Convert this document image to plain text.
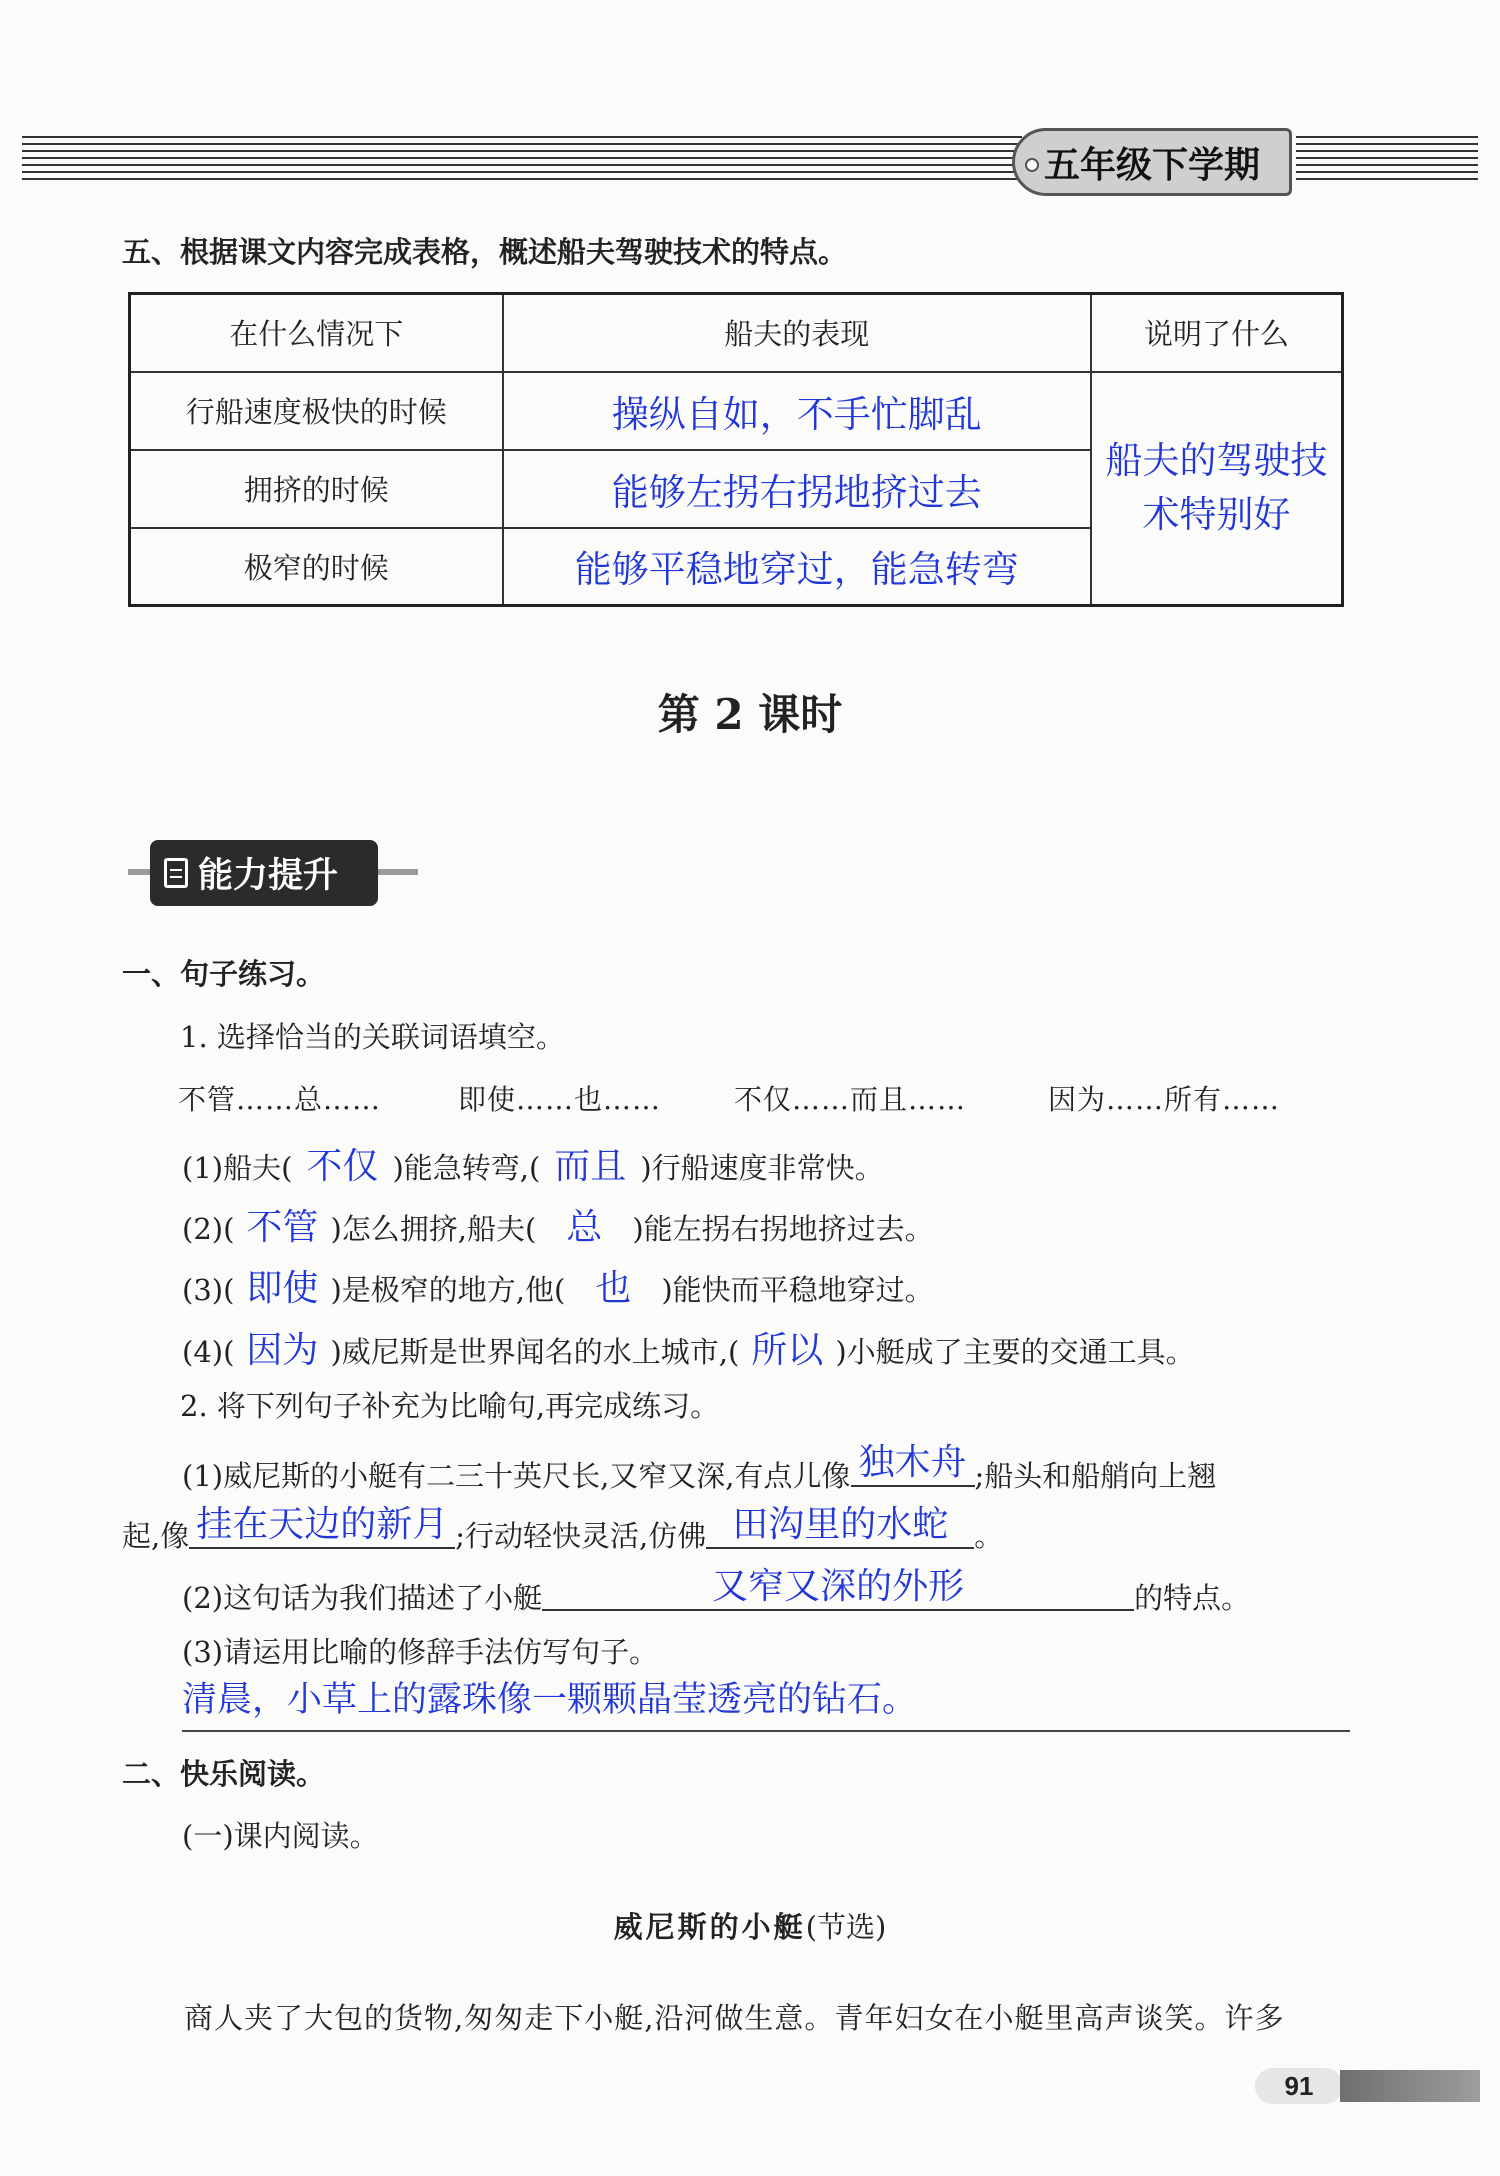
五年级下学期
五、根据课文内容完成表格，概述船夫驾驶技术的特点。
在什么情况下	船夫的表现	说明了什么
行船速度极快的时候	操纵自如，不手忙脚乱	船夫的驾驶技
术特别好
拥挤的时候	能够左拐右拐地挤过去	
极窄的时候	能够平稳地穿过，能急转弯	
第 2 课时
能力提升
一、句子练习。
1. 选择恰当的关联词语填空。
不管……总……	即使……也……	不仅……而且……	因为……所有……
(1)船夫( 不仅 )能急转弯,( 而且 )行船速度非常快。
(2)( 不管 )怎么拥挤,船夫( 总 )能左拐右拐地挤过去。
(3)( 即使 )是极窄的地方,他( 也 )能快而平稳地穿过。
(4)( 因为 )威尼斯是世界闻名的水上城市,( 所以 )小艇成了主要的交通工具。
2. 将下列句子补充为比喻句,再完成练习。
(1)威尼斯的小艇有二三十英尺长,又窄又深,有点儿像 独木舟 ;船头和船艄向上翘
起,像 挂在天边的新月 ;行动轻快灵活,仿佛 田沟里的水蛇 。
(2)这句话为我们描述了小艇	又窄又深的外形	的特点。
(3)请运用比喻的修辞手法仿写句子。
清晨，小草上的露珠像一颗颗晶莹透亮的钻石。
二、快乐阅读。
(一)课内阅读。
威尼斯的小艇(节选)
商人夹了大包的货物,匆匆走下小艇,沿河做生意。青年妇女在小艇里高声谈笑。许多
91
